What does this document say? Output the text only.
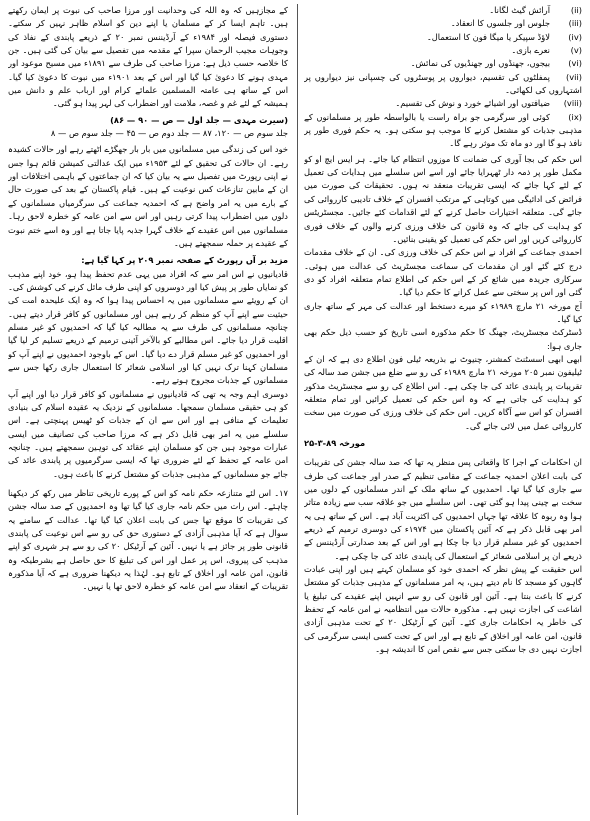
(ii)آرائش گیٹ لگانا۔
(iii)جلوس اور جلسوں کا انعقاد۔
(iv)لاؤڈ سپیکر یا میگا فون کا استعمال۔
(v)نعرے بازی۔
(vi)بیجوں، جھنڈوں اور جھنڈیوں کی نمائش۔
(vii)پمفلٹوں کی تقسیم، دیواروں پر پوسٹروں کی چسپانی نیز دیواروں پر اشتہاروں کی لکھائی۔
(viii)ضیافتوں اور اشیائے خورد و نوش کی تقسیم۔
(ix)کوئی اور سرگرمی جو براہ راست یا بالواسطہ طور پر مسلمانوں کے مذہبی جذبات کو مشتعل کرنے کا موجب ہو سکتی ہو۔ یہ حکم فوری طور پر نافذ ہو گا اور دو ماہ تک موثر رہے گا۔

اس حکم کی بجا آوری کی ضمانت کا موزوں انتظام کیا جائے۔ ہر ایس ایچ او کو مکمل طور پر ذمہ دار ٹھہرایا جائے اور اسے اس سلسلے میں ہدایات کی تعمیل کے لئے کہا جائے کہ ایسی تقریبات منعقد نہ ہوں۔ تحقیقات کی صورت میں فرائض کی ادائیگی میں کوتاہی کے مرتکب افسران کے خلاف تادیبی کارروائی کی جائے گی۔ متعلقہ اختیارات حاصل کرنے کے لئے اقدامات کئے جائیں۔ مجسٹریٹس کو ہدایت کی جائے کہ وہ قانون کی خلاف ورزی کرنے والوں کے خلاف فوری کارروائی کریں اور اس حکم کی تعمیل کو یقینی بنائیں۔

احمدی جماعت کے افراد نے اس حکم کی خلاف ورزی کی۔ ان کے خلاف مقدمات درج کئے گئے اور ان مقدمات کی سماعت مجسٹریٹ کی عدالت میں ہوئی۔ سرکاری جریدہ میں شائع کر کے اس حکم کی اطلاع تمام متعلقہ افراد کو دی گئی اور اس پر سختی سے عمل کرانے کا حکم دیا گیا۔

آج مورخہ ۲۱ مارچ ۱۹۸۹ء کو میرے دستخط اور عدالت کی مہر کے ساتھ جاری کیا گیا۔

ڈسٹرکٹ مجسٹریٹ، جھنگ کا حکم مذکورہ اسی تاریخ کو حسب ذیل حکم بھی جاری ہوا:

ابھی ابھی اسسٹنٹ کمشنر، چنیوٹ نے بذریعہ ٹیلی فون اطلاع دی ہے کہ ان کے ٹیلیفون نمبر ۲۰۵ مورخہ ۲۱ مارچ ۱۹۸۹ء کی رو سے ضلع میں جشن صد سالہ کی تقریبات پر پابندی عائد کی جا چکی ہے۔ اس اطلاع کی رو سے مجسٹریٹ مذکور کو ہدایت کی جاتی ہے کہ وہ اس حکم کی تعمیل کرائیں اور تمام متعلقہ افسران کو اس سے آگاہ کریں۔ اس حکم کی خلاف ورزی کی صورت میں سخت کارروائی عمل میں لائی جائے گی۔

مورخہ ۸۹-۳-۲۵

ان احکامات کے اجرا کا واقعاتی پس منظر یہ تھا کہ صد سالہ جشن کی تقریبات کی بابت اعلان احمدیہ جماعت کے مقامی تنظیم کے صدر اور جماعت کی طرف سے جاری کیا گیا تھا۔ احمدیوں کے ساتھ ملک کے اندر مسلمانوں کے دلوں میں سخت بے چینی پیدا ہو گئی تھی۔ اس سلسلے میں جو علاقہ سب سے زیادہ متاثر ہوا وہ ربوہ کا علاقہ تھا جہاں احمدیوں کی اکثریت آباد ہے۔ اس کے ساتھ ہی یہ امر بھی قابل ذکر ہے کہ آئین پاکستان میں ۱۹۷۴ء کی دوسری ترمیم کے ذریعے احمدیوں کو غیر مسلم قرار دیا جا چکا ہے اور اس کے بعد صدارتی آرڈیننس کے ذریعے ان پر اسلامی شعائر کے استعمال کی پابندی عائد کی جا چکی ہے۔

اس حقیقت کے پیش نظر کہ احمدی خود کو مسلمان کہتے ہیں اور اپنی عبادت گاہوں کو مسجد کا نام دیتے ہیں، یہ امر مسلمانوں کے مذہبی جذبات کو مشتعل کرنے کا باعث بنتا ہے۔ آئین اور قانون کی رو سے انہیں اپنے عقیدے کی تبلیغ یا اشاعت کی اجازت نہیں ہے۔ مذکورہ حالات میں انتظامیہ نے امن عامہ کے تحفظ کی خاطر یہ احکامات جاری کئے۔ آئین کے آرٹیکل ۲۰ کے تحت مذہبی آزادی قانون، امن عامہ اور اخلاق کے تابع ہے اور اس کے تحت کسی ایسی سرگرمی کی اجازت نہیں دی جا سکتی جس سے نقص امن کا اندیشہ ہو۔

کے مجازہیں کہ وہ اللہ کی وحدانیت اور مرزا صاحب کی نبوت پر ایمان رکھتے ہیں۔ تاہم ایسا کر کے مسلمان یا اپنے دین کو اسلام ظاہر نہیں کر سکتے۔ دستوری فیصلہ اور ۱۹۸۴ء کے آرڈیننس نمبر ۲۰ کے ذریعے پابندی کے نفاذ کی وجوہات مجیب الرحمان سپرا کے مقدمہ میں تفصیل سے بیان کی گئی ہیں۔ جن کا خلاصہ حسب ذیل ہے: مرزا صاحب کی طرف سے ۱۸۹۱ء میں مسیح موعود اور مہدی ہونے کا دعویٰ کیا گیا اور اس کے بعد ۱۹۰۱ء میں نبوت کا دعویٰ کیا گیا۔ اس کے ساتھ ہی عامتہ المسلمین علمائے کرام اور ارباب علم و دانش میں ہمیشہ کے لئے غم و غصہ، ملامت اور اضطراب کی لہر پیدا ہو گئی۔

(سیرت مہدی — جلد اول — ص — ۹۰ — ۸۶)
جلد سوم ص — ۱۲۰، ۸۷ — جلد دوم ص — ۴۵ — جلد سوم ص — ۸

خود اس کی زندگی میں مسلمانوں میں بار بار جھگڑے اٹھتے رہے اور حالات کشیدہ رہے۔ ان حالات کی تحقیق کے لئے ۱۹۵۳ء میں ایک عدالتی کمیشن قائم ہوا جس نے اپنی رپورٹ میں تفصیل سے یہ بیان کیا کہ ان جماعتوں کے باہمی اختلافات اور ان کے مابین تنازعات کس نوعیت کے ہیں۔ قیام پاکستان کے بعد کی صورت حال کے بارے میں یہ امر واضح ہے کہ احمدیہ جماعت کی سرگرمیاں مسلمانوں کے دلوں میں اضطراب پیدا کرتی رہیں اور اس سے امن عامہ کو خطرہ لاحق رہا۔ مسلمانوں میں اس عقیدے کے خلاف گہرا جذبہ پایا جاتا ہے اور وہ اسے ختم نبوت کے عقیدے پر حملہ سمجھتے ہیں۔

مزید بر آں رپورٹ کے صفحہ نمبر ۲۰۹ پر کہا گیا ہے:

قادیانیوں نے اس امر سے کہ افراد میں یہی عدم تحفظ پیدا ہو، خود اپنے مذہب کو نمایاں طور پر پیش کیا اور دوسروں کو اپنی طرف مائل کرنے کی کوشش کی۔ ان کے رویئے سے مسلمانوں میں یہ احساس پیدا ہوا کہ وہ ایک علیحدہ امت کی حیثیت سے اپنے آپ کو منظم کر رہے ہیں اور مسلمانوں کو کافر قرار دیتے ہیں۔ چنانچہ مسلمانوں کی طرف سے یہ مطالبہ کیا گیا کہ احمدیوں کو غیر مسلم اقلیت قرار دیا جائے۔ اس مطالبے کو بالآخر آئینی ترمیم کے ذریعے تسلیم کر لیا گیا اور احمدیوں کو غیر مسلم قرار دے دیا گیا۔ اس کے باوجود احمدیوں نے اپنے آپ کو مسلمان کہنا ترک نہیں کیا اور اسلامی شعائر کا استعمال جاری رکھا جس سے مسلمانوں کے جذبات مجروح ہوتے رہے۔

دوسری اہم وجہ یہ تھی کہ قادیانیوں نے مسلمانوں کو کافر قرار دیا اور اپنے آپ کو ہی حقیقی مسلمان سمجھا۔ مسلمانوں کے نزدیک یہ عقیدہ اسلام کی بنیادی تعلیمات کے منافی ہے اور اس سے ان کے جذبات کو ٹھیس پہنچتی ہے۔ اس سلسلے میں یہ امر بھی قابل ذکر ہے کہ مرزا صاحب کی تصانیف میں ایسی عبارات موجود ہیں جن کو مسلمان اپنے عقائد کی توہین سمجھتے ہیں۔ چنانچہ امن عامہ کے تحفظ کے لئے ضروری تھا کہ ایسی سرگرمیوں پر پابندی عائد کی جائے جو مسلمانوں کے مذہبی جذبات کو مشتعل کرنے کا باعث ہوں۔

۱۷۔ اس لئے متنازعہ حکم نامہ کو اس کے پورے تاریخی تناظر میں رکھ کر دیکھنا چاہئے۔ اس رات میں حکم نامہ جاری کیا گیا تھا وہ احمدیوں کے صد سالہ جشن کی تقریبات کا موقع تھا جس کی بابت اعلان کیا گیا تھا۔ عدالت کے سامنے یہ سوال ہے کہ آیا مذہبی آزادی کے دستوری حق کی رو سے اس نوعیت کی پابندی قانونی طور پر جائز ہے یا نہیں۔ آئین کے آرٹیکل ۲۰ کی رو سے ہر شہری کو اپنے مذہب کی پیروی، اس پر عمل اور اس کی تبلیغ کا حق حاصل ہے بشرطیکہ وہ قانون، امن عامہ اور اخلاق کے تابع ہو۔ لہٰذا یہ دیکھنا ضروری ہے کہ آیا مذکورہ تقریبات کے انعقاد سے امن عامہ کو خطرہ لاحق تھا یا نہیں۔
